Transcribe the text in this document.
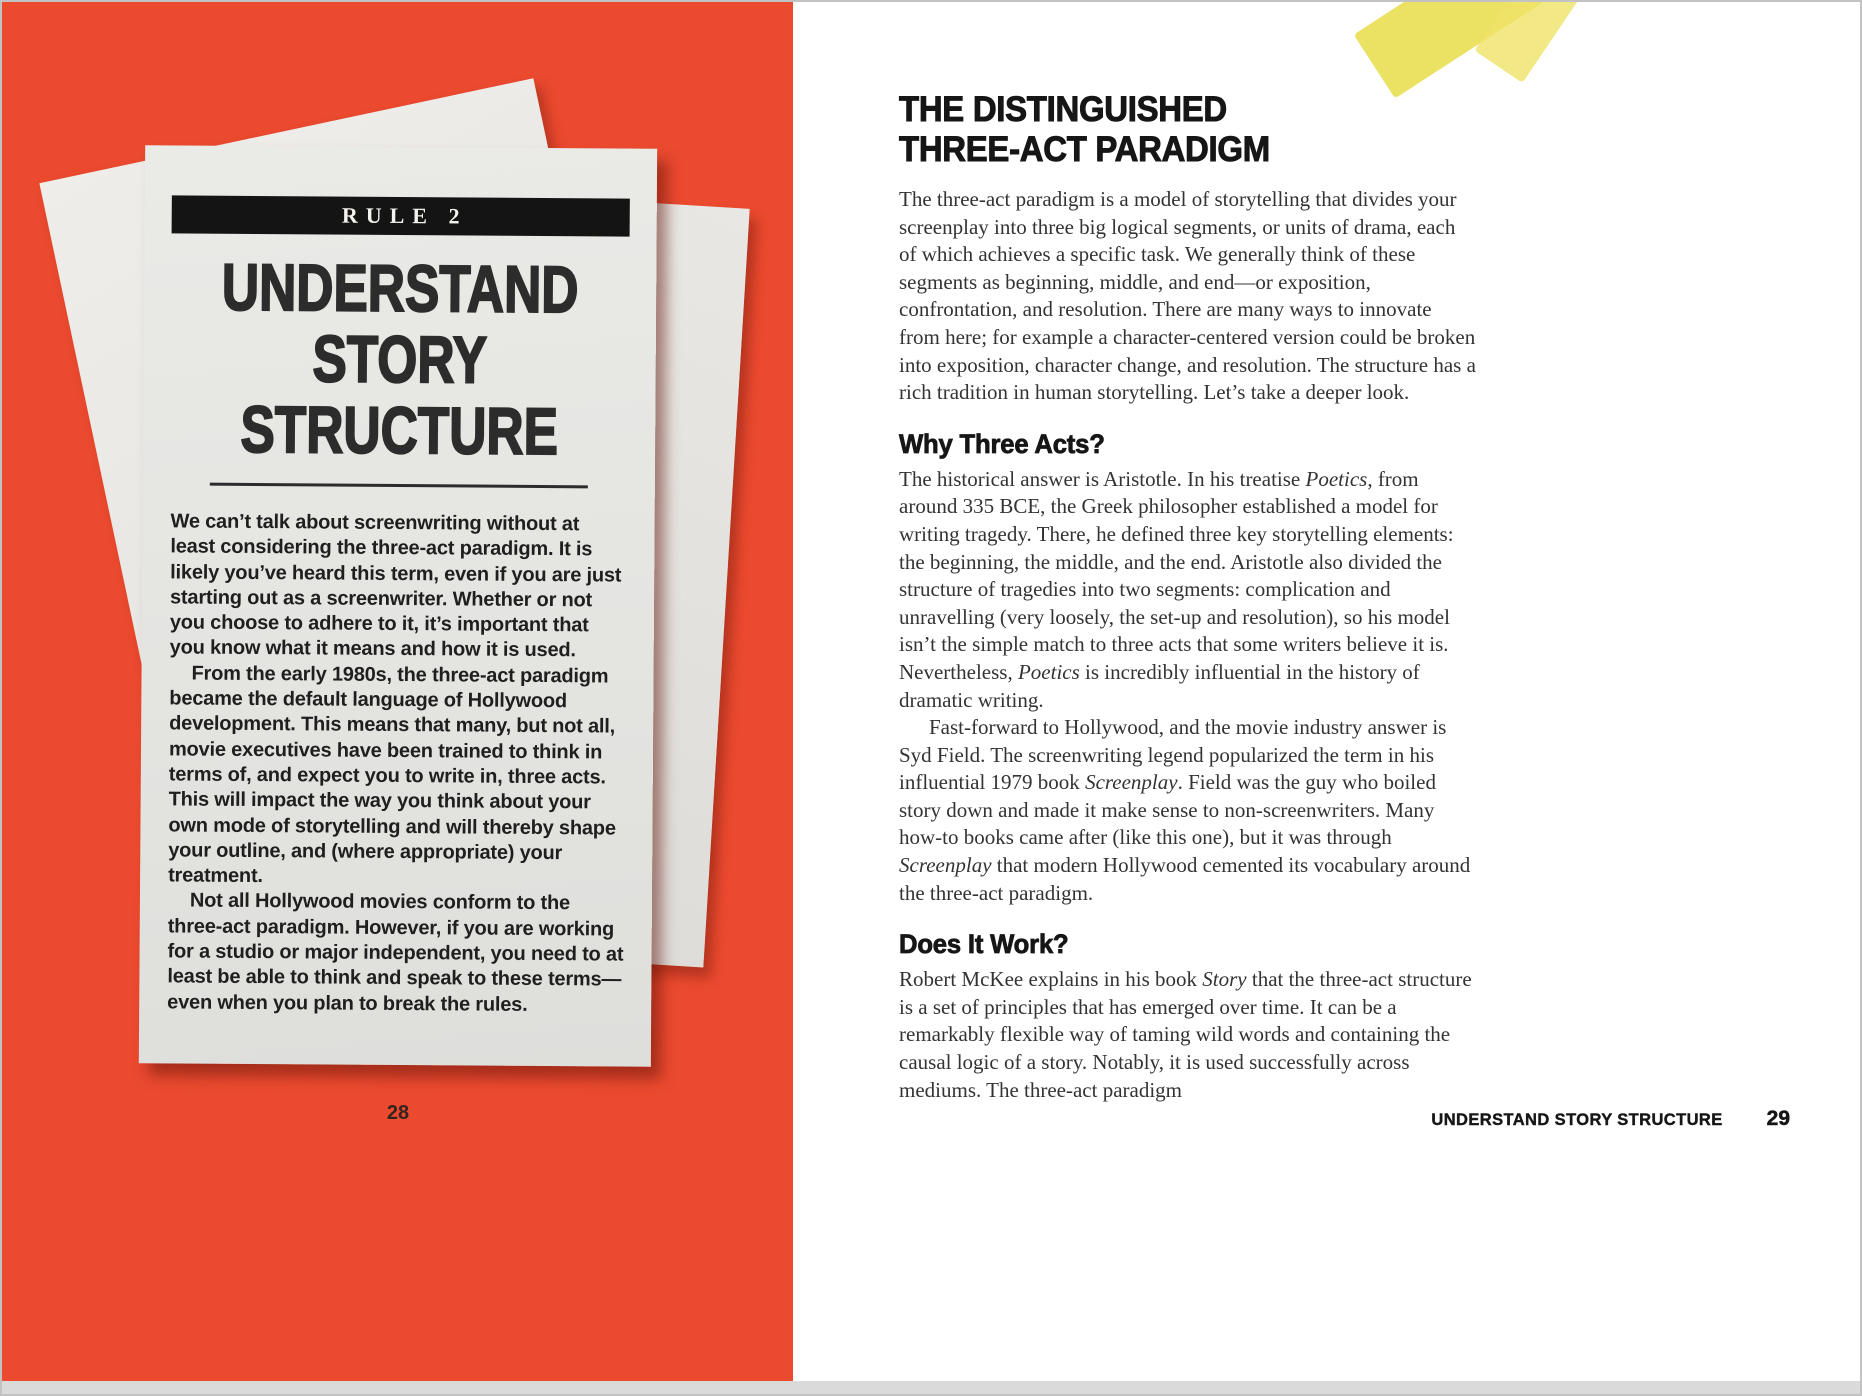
RULE 2
UNDERSTAND
STORY
STRUCTURE

We can’t talk about screenwriting without at least considering the three-act paradigm. It is likely you’ve heard this term, even if you are just starting out as a screenwriter. Whether or not you choose to adhere to it, it’s important that you know what it means and how it is used.

From the early 1980s, the three-act paradigm became the default language of Hollywood development. This means that many, but not all, movie executives have been trained to think in terms of, and expect you to write in, three acts. This will impact the way you think about your own mode of storytelling and will thereby shape your outline, and (where appropriate) your treatment.

Not all Hollywood movies conform to the three-act paradigm. However, if you are working for a studio or major independent, you need to at least be able to think and speak to these terms—even when you plan to break the rules.

28
THE DISTINGUISHED
THREE-ACT PARADIGM

The three-act paradigm is a model of storytelling that divides your screenplay into three big logical segments, or units of drama, each of which achieves a specific task. We generally think of these segments as beginning, middle, and end—or exposition, confrontation, and resolution. There are many ways to innovate from here; for example a character-centered version could be broken into exposition, character change, and resolution. The structure has a rich tradition in human storytelling. Let’s take a deeper look.

Why Three Acts?

The historical answer is Aristotle. In his treatise Poetics, from around 335 BCE, the Greek philosopher established a model for writing tragedy. There, he defined three key storytelling elements: the beginning, the middle, and the end. Aristotle also divided the structure of tragedies into two segments: complication and unravelling (very loosely, the set-up and resolution), so his model isn’t the simple match to three acts that some writers believe it is. Nevertheless, Poetics is incredibly influential in the history of dramatic writing.

Fast-forward to Hollywood, and the movie industry answer is Syd Field. The screenwriting legend popularized the term in his influential 1979 book Screenplay. Field was the guy who boiled story down and made it make sense to non-screenwriters. Many how-to books came after (like this one), but it was through Screenplay that modern Hollywood cemented its vocabulary around the three-act paradigm.

Does It Work?

Robert McKee explains in his book Story that the three-act structure is a set of principles that has emerged over time. It can be a remarkably flexible way of taming wild words and containing the causal logic of a story. Notably, it is used successfully across mediums. The three-act paradigm

UNDERSTAND STORY STRUCTURE 29
